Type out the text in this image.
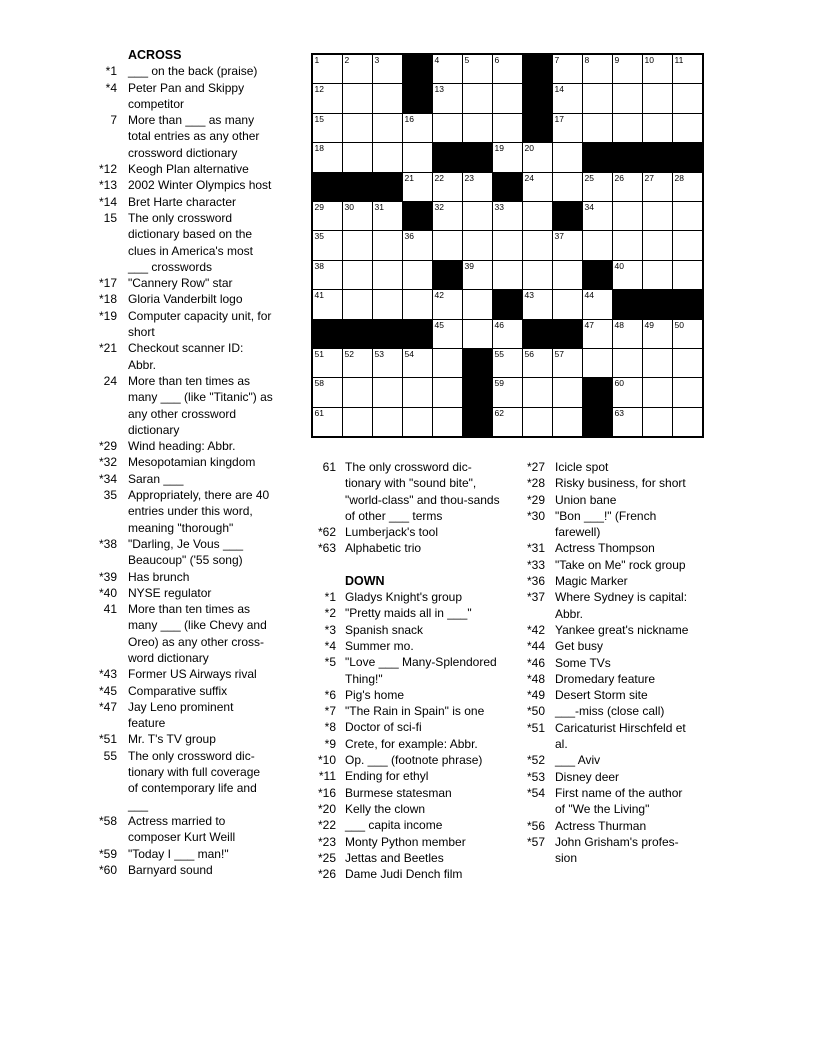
1	2	3	4	5	6	7	8	9	10 11
12	13	14
15	16	17
18	19 20
21 22 23	24	25 26 27 28
29 30 31	32	33	34
35	36	37
38	39	40
41	42	43	44
45	46	47 48 49 50
51 52 53 54	55 56 57
58	59	60
61	62	63
ACROSS
*1 ___ on the back (praise)
*4 Peter Pan and Skippy competitor
7 More than ___ as many total entries as any other crossword dictionary
*12 Keogh Plan alternative
*13 2002 Winter Olympics host
*14 Bret Harte character
15 The only crossword dictionary based on the clues in America's most ___ crosswords
*17 "Cannery Row" star
*18 Gloria Vanderbilt logo
*19 Computer capacity unit, for short
*21 Checkout scanner ID: Abbr.
24 More than ten times as many ___ (like "Titanic") as any other crossword dictionary
*29 Wind heading: Abbr.
*32 Mesopotamian kingdom
*34 Saran ___
35 Appropriately, there are 40 entries under this word, meaning "thorough"
*38 "Darling, Je Vous ___ Beaucoup" ('55 song)
*39 Has brunch
*40 NYSE regulator
41 More than ten times as many ___ (like Chevy and Oreo) as any other cross-word dictionary
*43 Former US Airways rival
*45 Comparative suffix
*47 Jay Leno prominent feature
*51 Mr. T's TV group
55 The only crossword dic-tionary with full coverage of contemporary life and ___
*58 Actress married to composer Kurt Weill
*59 "Today I ___ man!"
*60 Barnyard sound
61 The only crossword dic-tionary with "sound bite", "world-class" and thou-sands of other ___ terms
*62 Lumberjack's tool
*63 Alphabetic trio
DOWN
*1 Gladys Knight's group
*2 "Pretty maids all in ___"
*3 Spanish snack
*4 Summer mo.
*5 "Love ___ Many-Splendored Thing!"
*6 Pig's home
*7 "The Rain in Spain" is one
*8 Doctor of sci-fi
*9 Crete, for example: Abbr.
*10 Op. ___ (footnote phrase)
*11 Ending for ethyl
*16 Burmese statesman
*20 Kelly the clown
*22 ___ capita income
*23 Monty Python member
*25 Jettas and Beetles
*26 Dame Judi Dench film
*27 Icicle spot
*28 Risky business, for short
*29 Union bane
*30 "Bon ___!" (French farewell)
*31 Actress Thompson
*33 "Take on Me" rock group
*36 Magic Marker
*37 Where Sydney is capital: Abbr.
*42 Yankee great's nickname
*44 Get busy
*46 Some TVs
*48 Dromedary feature
*49 Desert Storm site
*50 ___-miss (close call)
*51 Caricaturist Hirschfeld et al.
*52 ___ Aviv
*53 Disney deer
*54 First name of the author of "We the Living"
*56 Actress Thurman
*57 John Grisham's profes-sion
